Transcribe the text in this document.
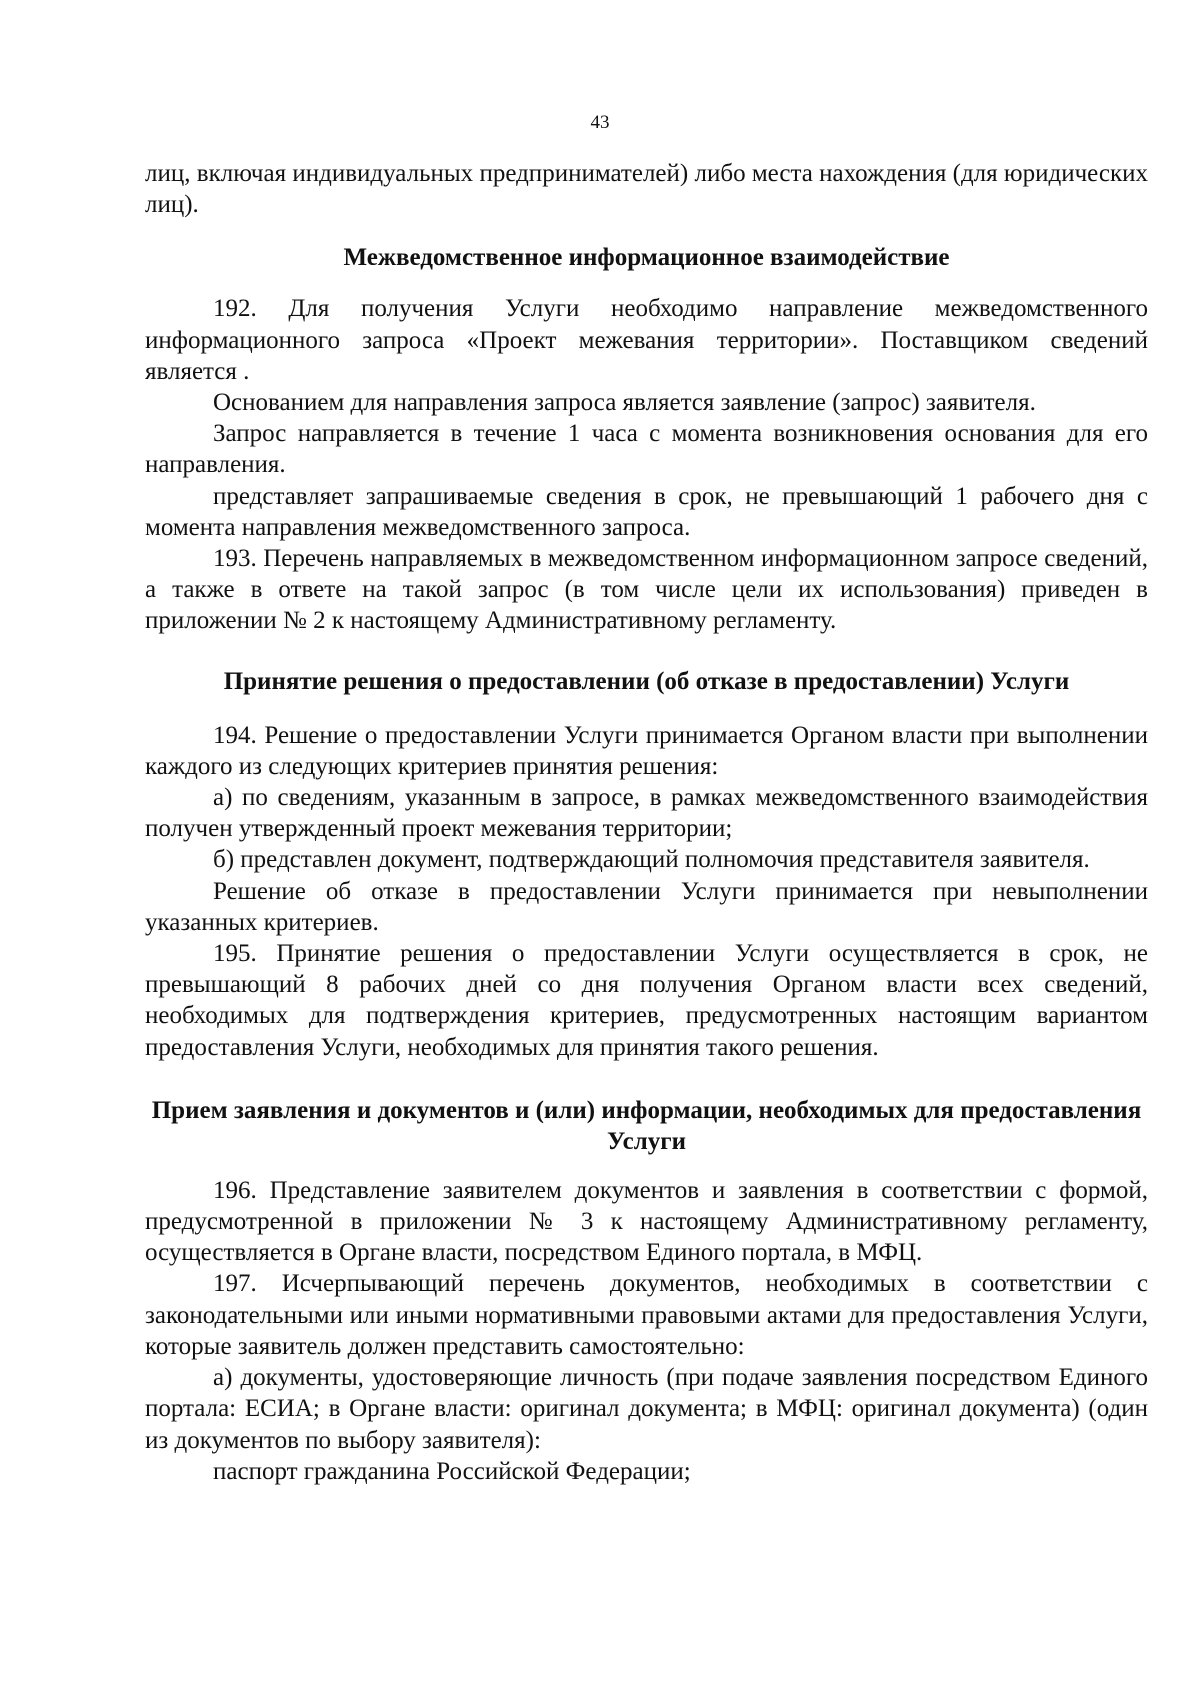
43

лиц, включая индивидуальных предпринимателей) либо места нахождения (для юридических лиц).

Межведомственное информационное взаимодействие

192. Для получения Услуги необходимо направление межведомственного информационного запроса «Проект межевания территории». Поставщиком сведений является .

Основанием для направления запроса является заявление (запрос) заявителя.

Запрос направляется в течение 1 часа с момента возникновения основания для его направления.

представляет запрашиваемые сведения в срок, не превышающий 1 рабочего дня с момента направления межведомственного запроса.

193. Перечень направляемых в межведомственном информационном запросе сведений, а также в ответе на такой запрос (в том числе цели их использования) приведен в приложении № 2 к настоящему Административному регламенту.

Принятие решения о предоставлении (об отказе в предоставлении) Услуги

194. Решение о предоставлении Услуги принимается Органом власти при выполнении каждого из следующих критериев принятия решения:

а) по сведениям, указанным в запросе, в рамках межведомственного взаимодействия получен утвержденный проект межевания территории;

б) представлен документ, подтверждающий полномочия представителя заявителя.

Решение об отказе в предоставлении Услуги принимается при невыполнении указанных критериев.

195. Принятие решения о предоставлении Услуги осуществляется в срок, не превышающий 8 рабочих дней со дня получения Органом власти всех сведений, необходимых для подтверждения критериев, предусмотренных настоящим вариантом предоставления Услуги, необходимых для принятия такого решения.

Прием заявления и документов и (или) информации, необходимых для предоставления Услуги

196. Представление заявителем документов и заявления в соответствии с формой, предусмотренной в приложении № 3 к настоящему Административному регламенту, осуществляется в Органе власти, посредством Единого портала, в МФЦ.

197. Исчерпывающий перечень документов, необходимых в соответствии с законодательными или иными нормативными правовыми актами для предоставления Услуги, которые заявитель должен представить самостоятельно:

а) документы, удостоверяющие личность (при подаче заявления посредством Единого портала: ЕСИА; в Органе власти: оригинал документа; в МФЦ: оригинал документа) (один из документов по выбору заявителя):

паспорт гражданина Российской Федерации;
